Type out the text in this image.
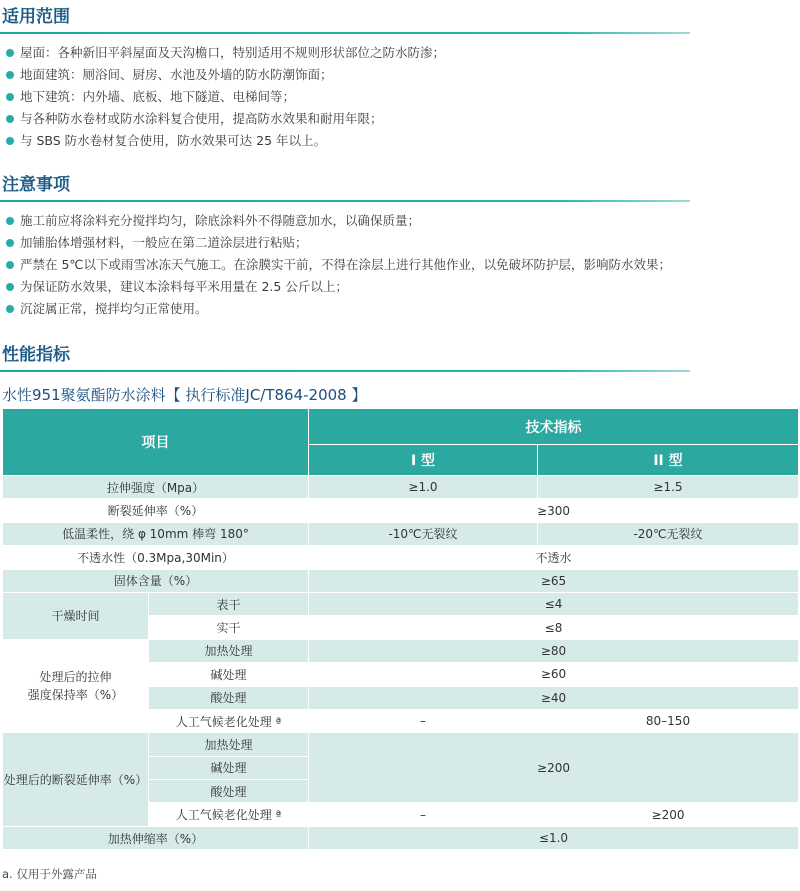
适用范围
屋面：各种新旧平斜屋面及天沟檐口，特别适用不规则形状部位之防水防渗；
地面建筑：厕浴间、厨房、水池及外墙的防水防潮饰面；
地下建筑：内外墙、底板、地下隧道、电梯间等；
与各种防水卷材或防水涂料复合使用，提高防水效果和耐用年限；
与 SBS 防水卷材复合使用，防水效果可达 25 年以上。
注意事项
施工前应将涂料充分搅拌均匀，除底涂料外不得随意加水，以确保质量；
加铺胎体增强材料，一般应在第二道涂层进行粘贴；
严禁在 5℃以下或雨雪冰冻天气施工。在涂膜实干前，不得在涂层上进行其他作业，以免破坏防护层，影响防水效果；
为保证防水效果，建议本涂料每平米用量在 2.5 公斤以上；
沉淀属正常，搅拌均匀正常使用。
性能指标
水性951聚氨酯防水涂料【 执行标准JC/T864-2008 】
项目		技术指标	
		I 型	II 型
拉伸强度（Mpa）		≥1.0	≥1.5
断裂延伸率（%）		≥300	
低温柔性，绕 φ 10mm 棒弯 180°		-10℃无裂纹	-20℃无裂纹
不透水性（0.3Mpa,30Min）		不透水	
固体含量（%）		≥65	
干燥时间	表干	≤4	
	实干	≤8	
处理后的拉伸
强度保持率（%）	加热处理	≥80	
	碱处理	≥60	
	酸处理	≥40	
	人工气候老化处理 ª	–	80–150
处理后的断裂延伸率（%）	加热处理	≥200	
	碱处理		
	酸处理		
	人工气候老化处理 ª	–	≥200
加热伸缩率（%）		≤1.0	
a. 仅用于外露产品
